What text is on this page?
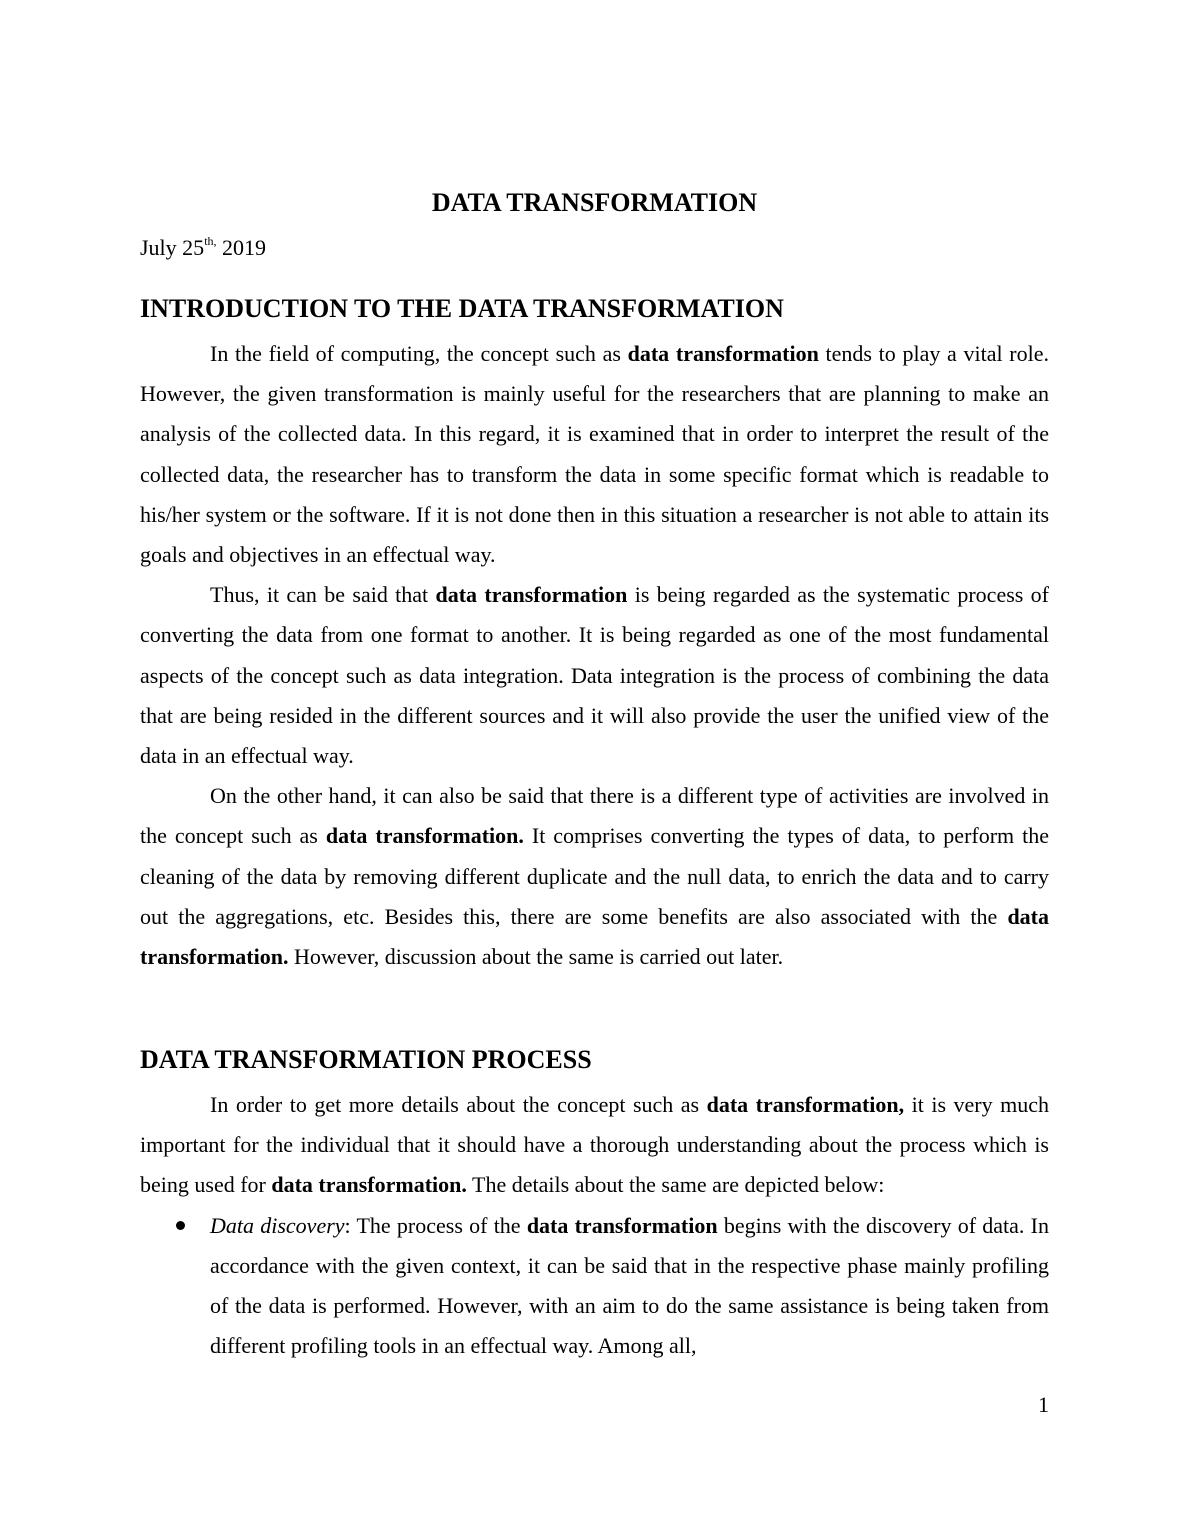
DATA TRANSFORMATION

July $25^{th,}$ 2019

INTRODUCTION TO THE DATA TRANSFORMATION

In the field of computing, the concept such as data transformation tends to play a vital role. However, the given transformation is mainly useful for the researchers that are planning to make an analysis of the collected data. In this regard, it is examined that in order to interpret the result of the collected data, the researcher has to transform the data in some specific format which is readable to his/her system or the software. If it is not done then in this situation a researcher is not able to attain its goals and objectives in an effectual way.

Thus, it can be said that data transformation is being regarded as the systematic process of converting the data from one format to another. It is being regarded as one of the most fundamental aspects of the concept such as data integration. Data integration is the process of combining the data that are being resided in the different sources and it will also provide the user the unified view of the data in an effectual way.

On the other hand, it can also be said that there is a different type of activities are involved in the concept such as data transformation. It comprises converting the types of data, to perform the cleaning of the data by removing different duplicate and the null data, to enrich the data and to carry out the aggregations, etc. Besides this, there are some benefits are also associated with the data transformation. However, discussion about the same is carried out later.

DATA TRANSFORMATION PROCESS

In order to get more details about the concept such as data transformation, it is very much important for the individual that it should have a thorough understanding about the process which is being used for data transformation. The details about the same are depicted below:

Data discovery: The process of the data transformation begins with the discovery of data. In accordance with the given context, it can be said that in the respective phase mainly profiling of the data is performed. However, with an aim to do the same assistance is being taken from different profiling tools in an effectual way. Among all,

1
